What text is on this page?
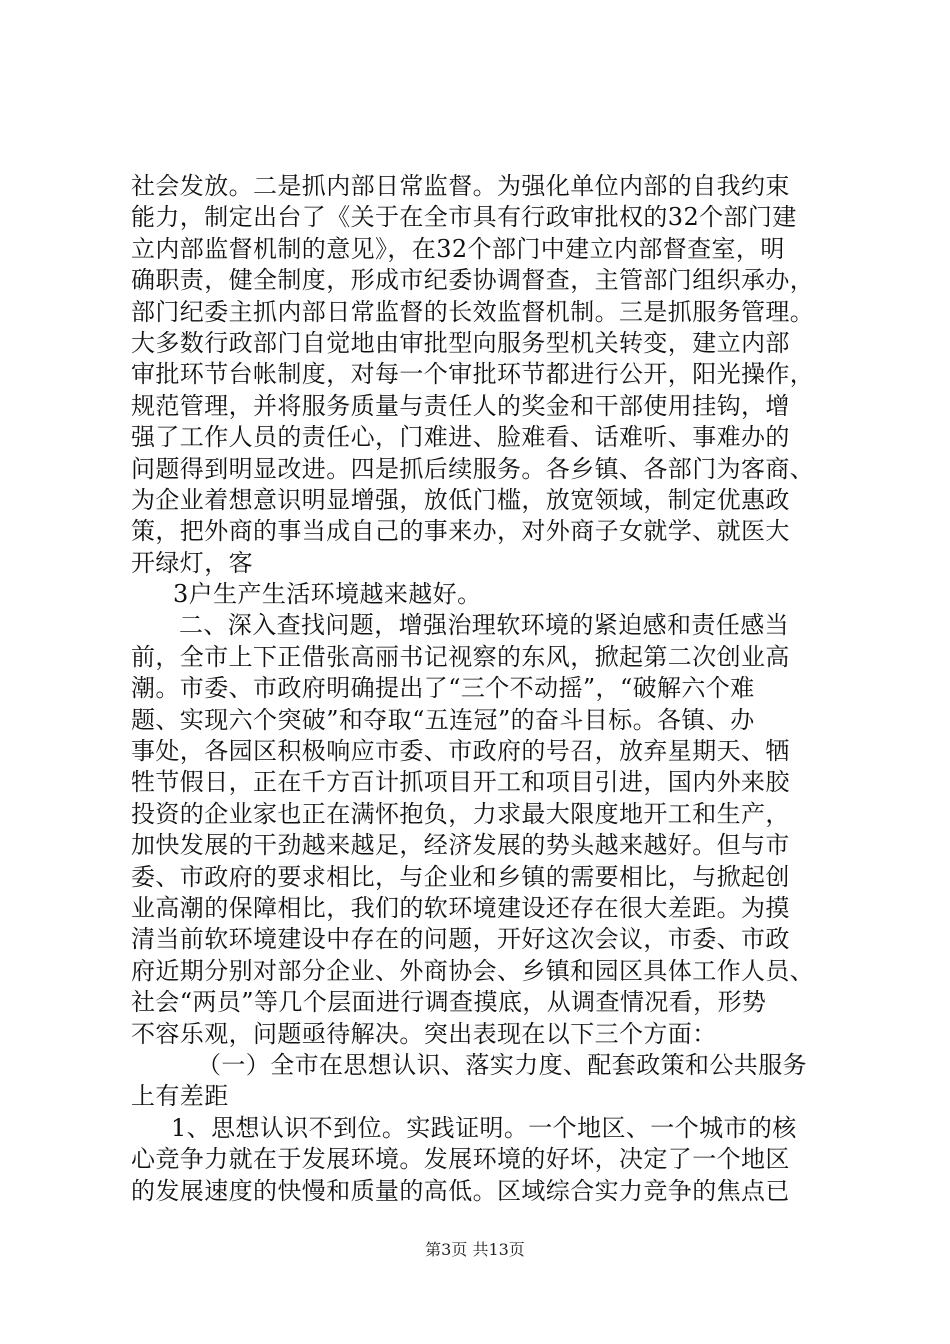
社会发放。二是抓内部日常监督。为强化单位内部的自我约束
能力，制定出台了《关于在全市具有行政审批权的32个部门建
立内部监督机制的意见》，在32个部门中建立内部督查室，明
确职责，健全制度，形成市纪委协调督查，主管部门组织承办，
部门纪委主抓内部日常监督的长效监督机制。三是抓服务管理。
大多数行政部门自觉地由审批型向服务型机关转变，建立内部
审批环节台帐制度，对每一个审批环节都进行公开，阳光操作，
规范管理，并将服务质量与责任人的奖金和干部使用挂钩，增
强了工作人员的责任心，门难进、脸难看、话难听、事难办的
问题得到明显改进。四是抓后续服务。各乡镇、各部门为客商、
为企业着想意识明显增强，放低门槛，放宽领域，制定优惠政
策，把外商的事当成自己的事来办，对外商子女就学、就医大
开绿灯，客
3户生产生活环境越来越好。
二、深入查找问题，增强治理软环境的紧迫感和责任感当
前，全市上下正借张高丽书记视察的东风，掀起第二次创业高
潮。市委、市政府明确提出了“三个不动摇”，“破解六个难
题、实现六个突破”和夺取“五连冠”的奋斗目标。各镇、办
事处，各园区积极响应市委、市政府的号召，放弃星期天、牺
牲节假日，正在千方百计抓项目开工和项目引进，国内外来胶
投资的企业家也正在满怀抱负，力求最大限度地开工和生产，
加快发展的干劲越来越足，经济发展的势头越来越好。但与市
委、市政府的要求相比，与企业和乡镇的需要相比，与掀起创
业高潮的保障相比，我们的软环境建设还存在很大差距。为摸
清当前软环境建设中存在的问题，开好这次会议，市委、市政
府近期分别对部分企业、外商协会、乡镇和园区具体工作人员、
社会“两员”等几个层面进行调查摸底，从调查情况看，形势
不容乐观，问题亟待解决。突出表现在以下三个方面：
（一）全市在思想认识、落实力度、配套政策和公共服务
上有差距
1、思想认识不到位。实践证明。一个地区、一个城市的核
心竞争力就在于发展环境。发展环境的好坏，决定了一个地区
的发展速度的快慢和质量的高低。区域综合实力竞争的焦点已
第3页 共13页
